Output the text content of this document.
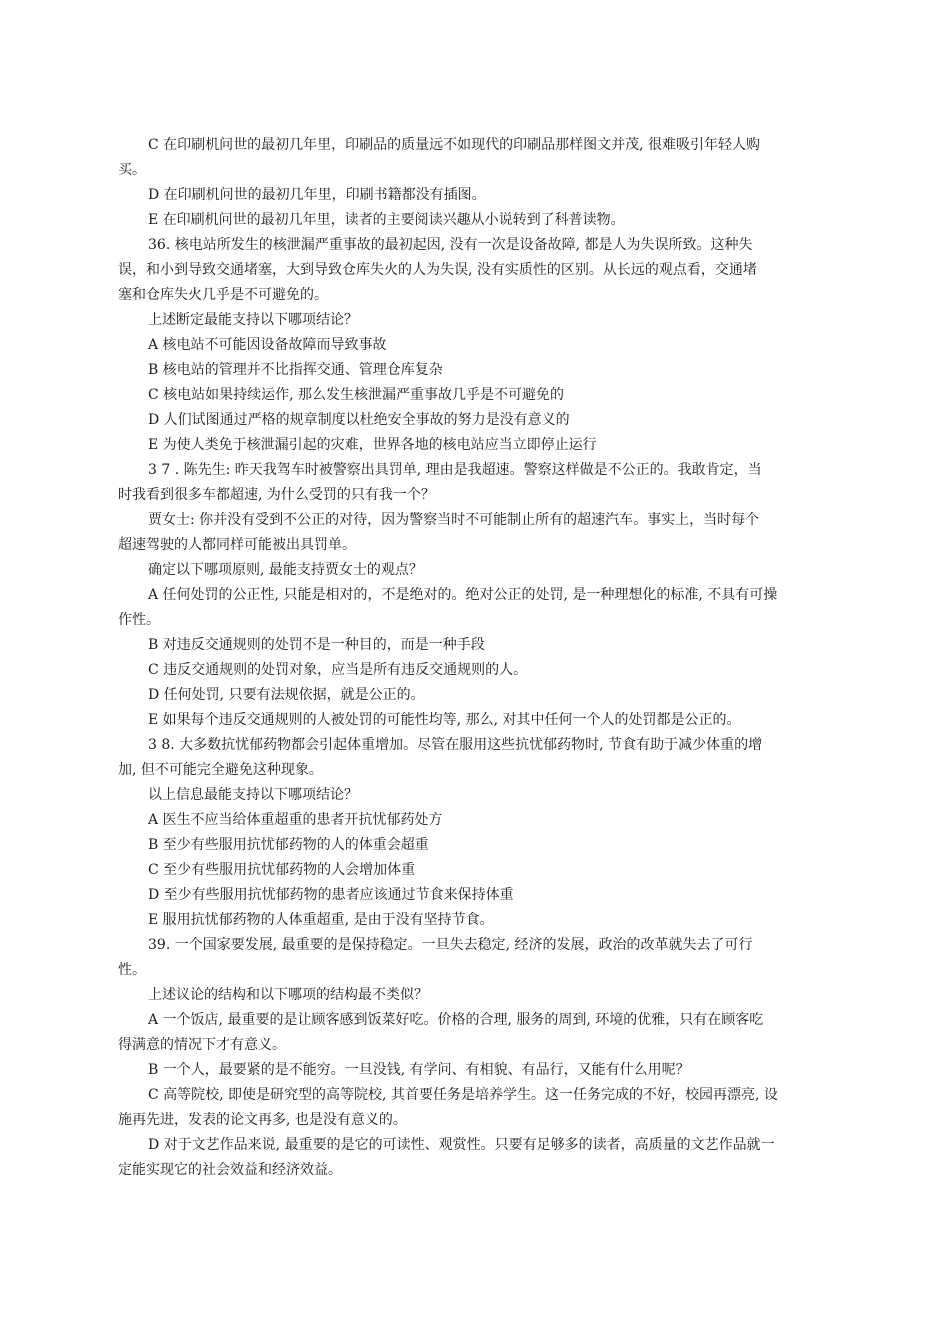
C 在印刷机问世的最初几年里，印刷品的质量远不如现代的印刷品那样图文并茂, 很难吸引年轻人购
买。
D 在印刷机问世的最初几年里，印刷书籍都没有插图。
E 在印刷机问世的最初几年里，读者的主要阅读兴趣从小说转到了科普读物。
36. 核电站所发生的核泄漏严重事故的最初起因, 没有一次是设备故障, 都是人为失误所致。这种失
误，和小到导致交通堵塞，大到导致仓库失火的人为失误, 没有实质性的区别。从长远的观点看，交通堵
塞和仓库失火几乎是不可避免的。
上述断定最能支持以下哪项结论？
A 核电站不可能因设备故障而导致事故
B 核电站的管理并不比指挥交通、管理仓库复杂
C 核电站如果持续运作, 那么发生核泄漏严重事故几乎是不可避免的
D 人们试图通过严格的规章制度以杜绝安全事故的努力是没有意义的
E 为使人类免于核泄漏引起的灾难，世界各地的核电站应当立即停止运行
3 7 . 陈先生: 昨天我驾车时被警察出具罚单, 理由是我超速。警察这样做是不公正的。我敢肯定，当
时我看到很多车都超速, 为什么受罚的只有我一个？
贾女士: 你并没有受到不公正的对待，因为警察当时不可能制止所有的超速汽车。事实上，当时每个
超速驾驶的人都同样可能被出具罚单。
确定以下哪项原则, 最能支持贾女士的观点？
A 任何处罚的公正性, 只能是相对的，不是绝对的。绝对公正的处罚, 是一种理想化的标准, 不具有可操
作性。
B 对违反交通规则的处罚不是一种目的，而是一种手段
C 违反交通规则的处罚对象，应当是所有违反交通规则的人。
D 任何处罚, 只要有法规依据，就是公正的。
E 如果每个违反交通规则的人被处罚的可能性均等, 那么, 对其中任何一个人的处罚都是公正的。
3 8. 大多数抗忧郁药物都会引起体重增加。尽管在服用这些抗忧郁药物时, 节食有助于减少体重的增
加, 但不可能完全避免这种现象。
以上信息最能支持以下哪项结论？
A 医生不应当给体重超重的患者开抗忧郁药处方
B 至少有些服用抗忧郁药物的人的体重会超重
C 至少有些服用抗忧郁药物的人会增加体重
D 至少有些服用抗忧郁药物的患者应该通过节食来保持体重
E 服用抗忧郁药物的人体重超重, 是由于没有坚持节食。
39. 一个国家要发展, 最重要的是保持稳定。一旦失去稳定, 经济的发展，政治的改革就失去了可行
性。
上述议论的结构和以下哪项的结构最不类似？
A 一个饭店, 最重要的是让顾客感到饭菜好吃。价格的合理, 服务的周到, 环境的优雅，只有在顾客吃
得满意的情况下才有意义。
B 一个人，最要紧的是不能穷。一旦没钱, 有学问、有相貌、有品行，又能有什么用呢？
C 高等院校, 即使是研究型的高等院校, 其首要任务是培养学生。这一任务完成的不好，校园再漂亮, 设
施再先进，发表的论文再多, 也是没有意义的。
D 对于文艺作品来说, 最重要的是它的可读性、观赏性。只要有足够多的读者，高质量的文艺作品就一
定能实现它的社会效益和经济效益。
